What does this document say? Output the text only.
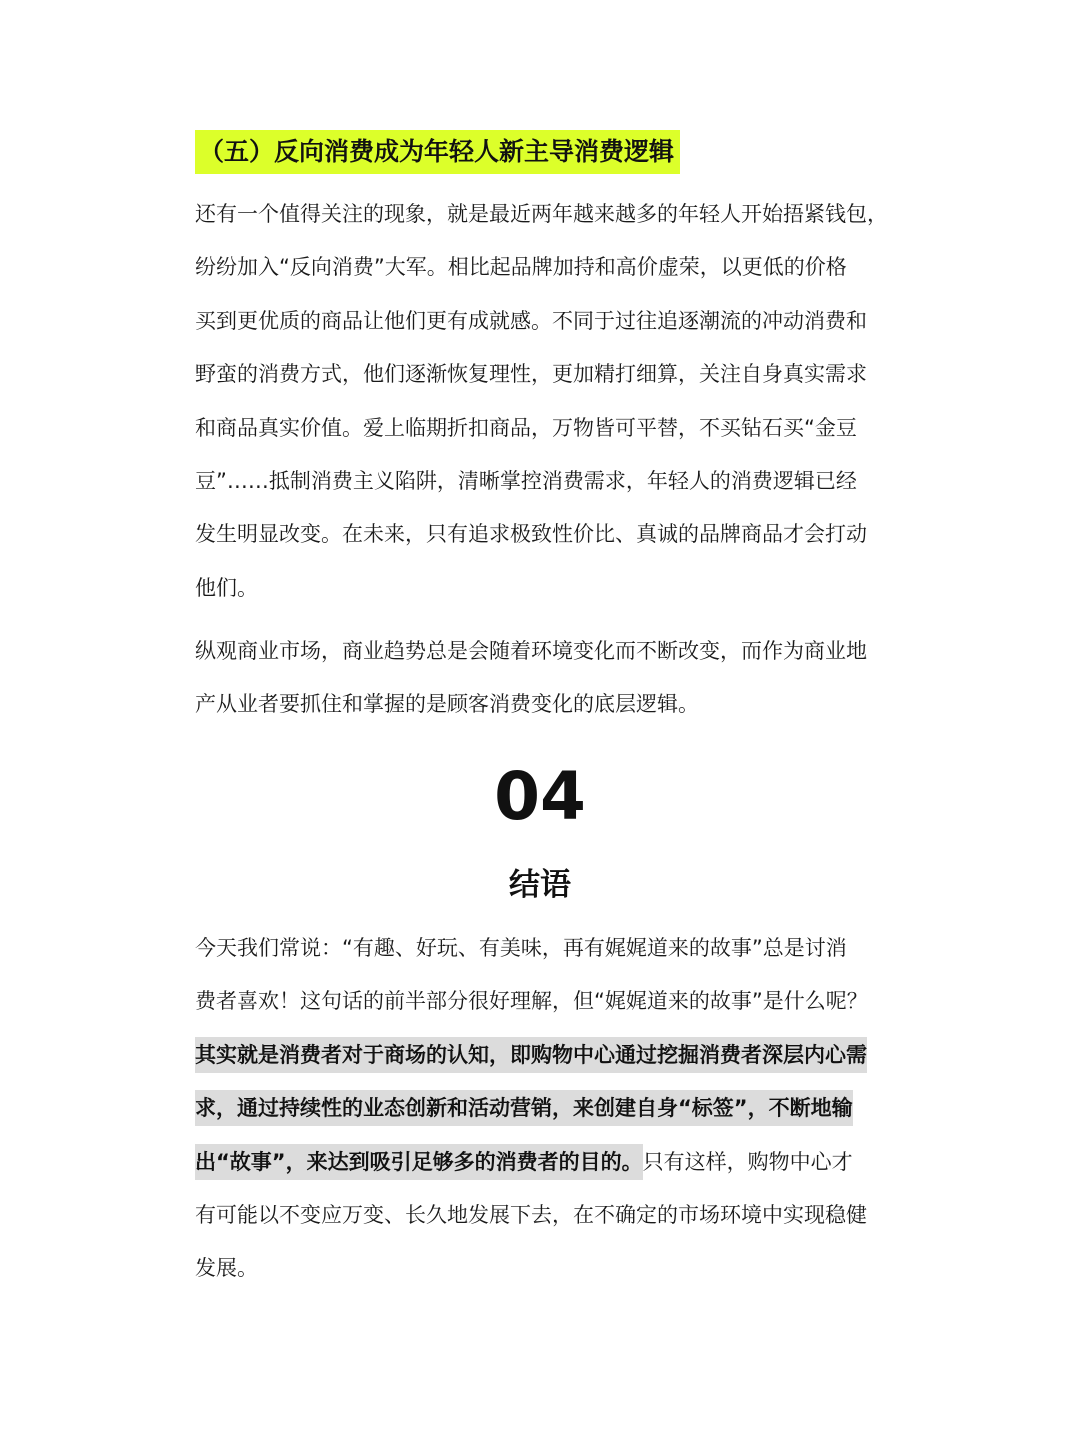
（五）反向消费成为年轻人新主导消费逻辑

还有一个值得关注的现象，就是最近两年越来越多的年轻人开始捂紧钱包，
纷纷加入“反向消费”大军。相比起品牌加持和高价虚荣，以更低的价格
买到更优质的商品让他们更有成就感。不同于过往追逐潮流的冲动消费和
野蛮的消费方式，他们逐渐恢复理性，更加精打细算，关注自身真实需求
和商品真实价值。爱上临期折扣商品，万物皆可平替，不买钻石买“金豆
豆”……抵制消费主义陷阱，清晰掌控消费需求，年轻人的消费逻辑已经
发生明显改变。在未来，只有追求极致性价比、真诚的品牌商品才会打动
他们。

纵观商业市场，商业趋势总是会随着环境变化而不断改变，而作为商业地
产从业者要抓住和掌握的是顾客消费变化的底层逻辑。

04
结语

今天我们常说：“有趣、好玩、有美味，再有娓娓道来的故事”总是讨消
费者喜欢！这句话的前半部分很好理解，但“娓娓道来的故事”是什么呢？
其实就是消费者对于商场的认知，即购物中心通过挖掘消费者深层内心需
求，通过持续性的业态创新和活动营销，来创建自身“标签”，不断地输
出“故事”，来达到吸引足够多的消费者的目的。只有这样，购物中心才
有可能以不变应万变、长久地发展下去，在不确定的市场环境中实现稳健
发展。
